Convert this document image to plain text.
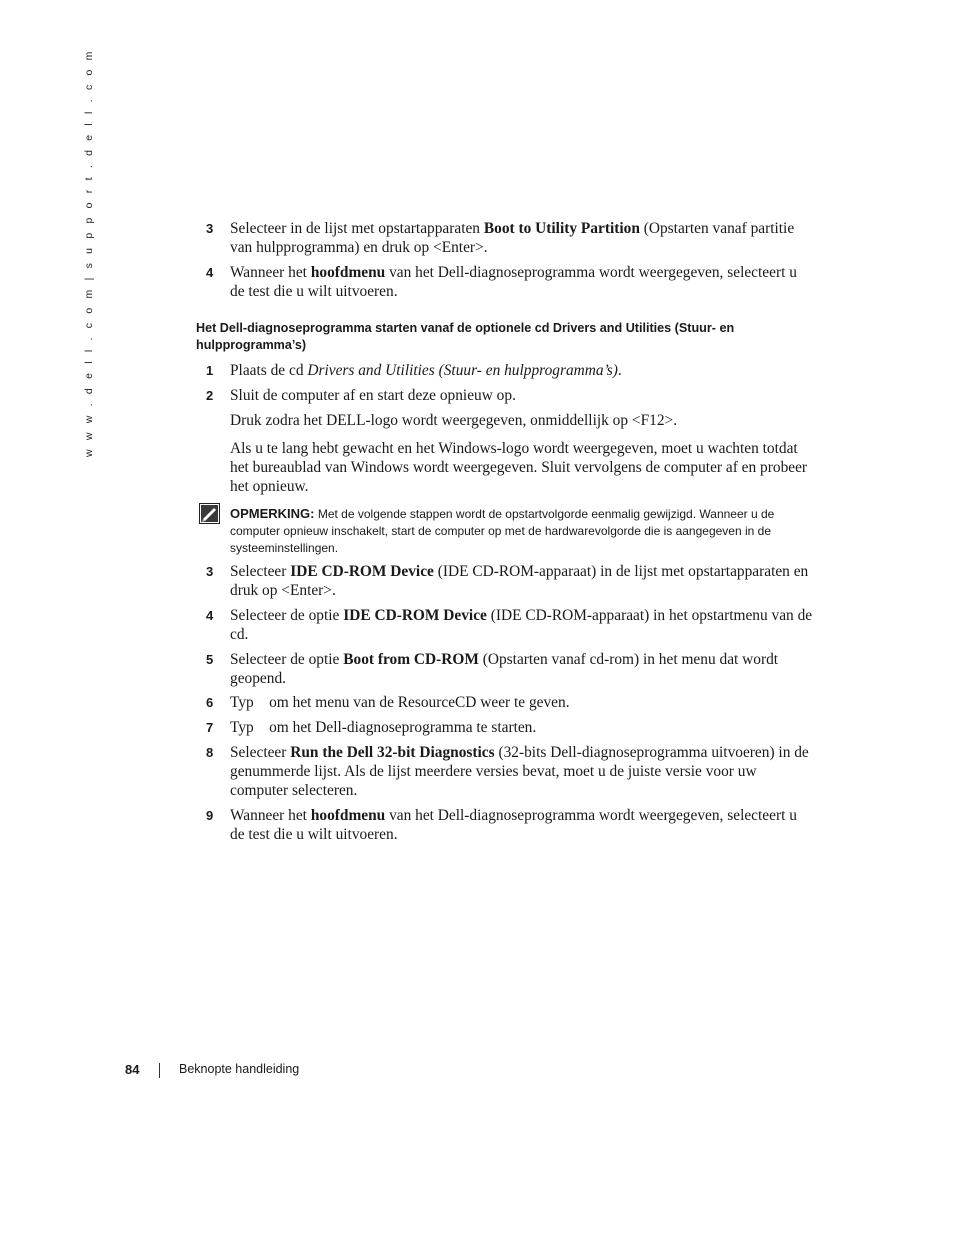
w w w . d e l l . c o m | s u p p o r t . d e l l . c o m	3	Selecteer in de lijst met opstartapparaten Boot to Utility Partition (Opstarten vanaf partitie van hulpprogramma) en druk op <Enter>.
4	Wanneer het hoofdmenu van het Dell-diagnoseprogramma wordt weergegeven, selecteert u de test die u wilt uitvoeren.
Het Dell-diagnoseprogramma starten vanaf de optionele cd Drivers and Utilities (Stuur- en hulpprogramma’s)
1	Plaats de cd Drivers and Utilities (Stuur- en hulpprogramma’s).
2	Sluit de computer af en start deze opnieuw op.
Druk zodra het DELL-logo wordt weergegeven, onmiddellijk op <F12>.
Als u te lang hebt gewacht en het Windows-logo wordt weergegeven, moet u wachten totdat het bureaublad van Windows wordt weergegeven. Sluit vervolgens de computer af en probeer het opnieuw.
OPMERKING: Met de volgende stappen wordt de opstartvolgorde eenmalig gewijzigd. Wanneer u de computer opnieuw inschakelt, start de computer op met de hardwarevolgorde die is aangegeven in de systeeminstellingen.
3	Selecteer IDE CD-ROM Device (IDE CD-ROM-apparaat) in de lijst met opstartapparaten en druk op <Enter>.
4	Selecteer de optie IDE CD-ROM Device (IDE CD-ROM-apparaat) in het opstartmenu van de cd.
5	Selecteer de optie Boot from CD-ROM (Opstarten vanaf cd-rom) in het menu dat wordt geopend.
6	Typ    om het menu van de ResourceCD weer te geven.
7	Typ    om het Dell-diagnoseprogramma te starten.
8	Selecteer Run the Dell 32-bit Diagnostics (32-bits Dell-diagnoseprogramma uitvoeren) in de genummerde lijst. Als de lijst meerdere versies bevat, moet u de juiste versie voor uw computer selecteren.
9	Wanneer het hoofdmenu van het Dell-diagnoseprogramma wordt weergegeven, selecteert u de test die u wilt uitvoeren.
84	Beknopte handleiding
